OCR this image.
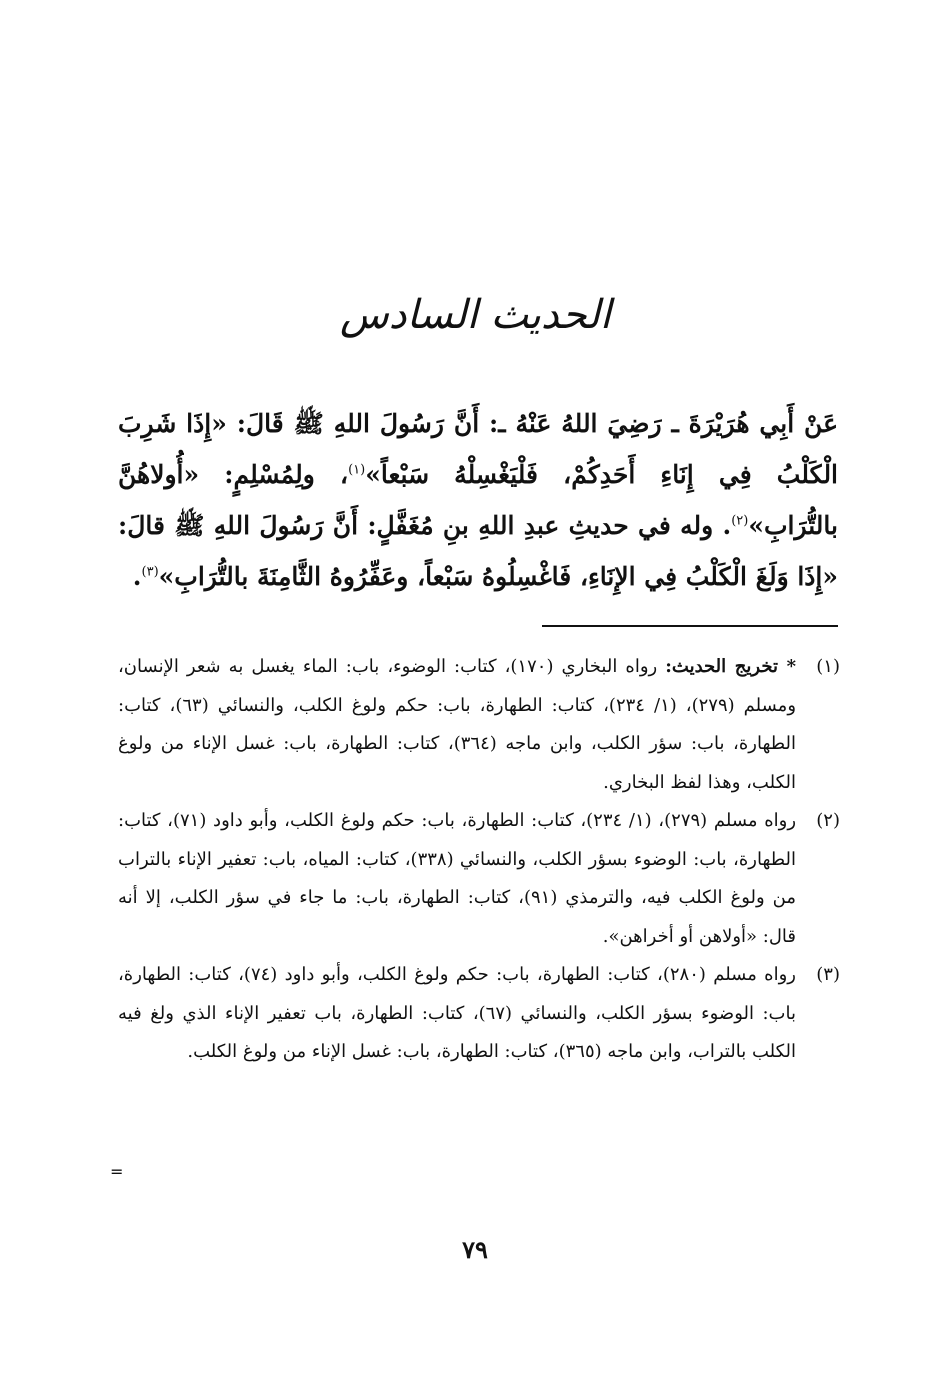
الحديث السادس

عَنْ أَبِي هُرَيْرَةَ ـ رَضِيَ اللهُ عَنْهُ ـ: أَنَّ رَسُولَ اللهِ ﷺ قَالَ: «إِذَا شَرِبَ الْكَلْبُ فِي إِنَاءِ أَحَدِكُمْ، فَلْيَغْسِلْهُ سَبْعاً»$^{(١)}$، ولِمُسْلِمٍ: «أُولاهُنَّ بالتُّرَابِ»$^{(٢)}$. وله في حديثِ عبدِ اللهِ بنِ مُغَفَّلٍ: أَنَّ رَسُولَ اللهِ ﷺ قالَ: «إِذَا وَلَغَ الْكَلْبُ فِي الإِنَاءِ، فَاغْسِلُوهُ سَبْعاً، وعَفِّرُوهُ الثَّامِنَةَ بالتُّرَابِ»$^{(٣)}$.

(١)
* تخريج الحديث: رواه البخاري (١٧٠)، كتاب: الوضوء، باب: الماء يغسل به شعر الإنسان، ومسلم (٢٧٩)، (١/ ٢٣٤)، كتاب: الطهارة، باب: حكم ولوغ الكلب، والنسائي (٦٣)، كتاب: الطهارة، باب: سؤر الكلب، وابن ماجه (٣٦٤)، كتاب: الطهارة، باب: غسل الإناء من ولوغ الكلب، وهذا لفظ البخاري.
(٢)
رواه مسلم (٢٧٩)، (١/ ٢٣٤)، كتاب: الطهارة، باب: حكم ولوغ الكلب، وأبو داود (٧١)، كتاب: الطهارة، باب: الوضوء بسؤر الكلب، والنسائي (٣٣٨)، كتاب: المياه، باب: تعفير الإناء بالتراب من ولوغ الكلب فيه، والترمذي (٩١)، كتاب: الطهارة، باب: ما جاء في سؤر الكلب، إلا أنه قال: «أولاهن أو أخراهن».
(٣)
رواه مسلم (٢٨٠)، كتاب: الطهارة، باب: حكم ولوغ الكلب، وأبو داود (٧٤)، كتاب: الطهارة، باب: الوضوء بسؤر الكلب، والنسائي (٦٧)، كتاب: الطهارة، باب تعفير الإناء الذي ولغ فيه الكلب بالتراب، وابن ماجه (٣٦٥)، كتاب: الطهارة، باب: غسل الإناء من ولوغ الكلب.
=
٧٩
